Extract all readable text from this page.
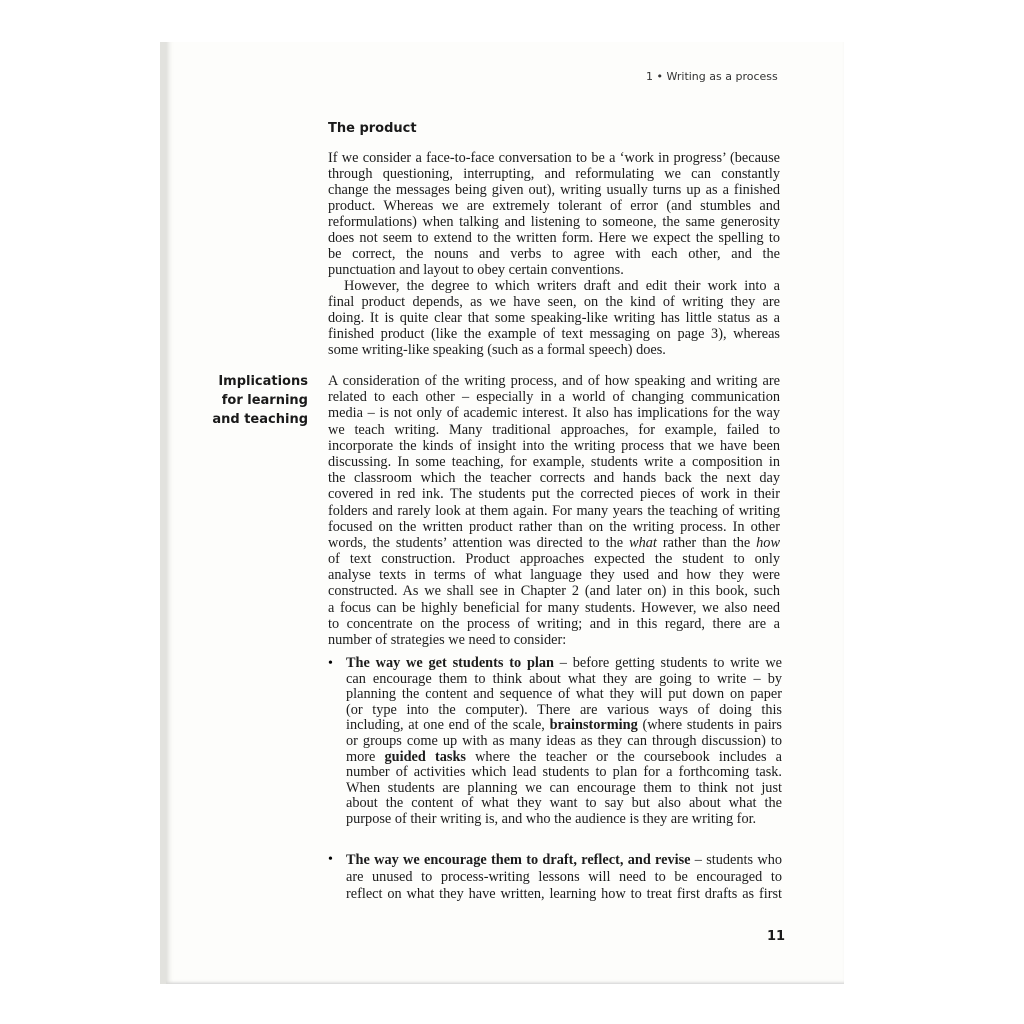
1 • Writing as a process
The product
If we consider a face-to-face conversation to be a ‘work in progress’ (because
through questioning, interrupting, and reformulating we can constantly
change the messages being given out), writing usually turns up as a finished
product. Whereas we are extremely tolerant of error (and stumbles and
reformulations) when talking and listening to someone, the same generosity
does not seem to extend to the written form. Here we expect the spelling to
be correct, the nouns and verbs to agree with each other, and the
punctuation and layout to obey certain conventions.
However, the degree to which writers draft and edit their work into a
final product depends, as we have seen, on the kind of writing they are
doing. It is quite clear that some speaking-like writing has little status as a
finished product (like the example of text messaging on page 3), whereas
some writing-like speaking (such as a formal speech) does.
Implications
for learning
and teaching
A consideration of the writing process, and of how speaking and writing are
related to each other – especially in a world of changing communication
media – is not only of academic interest. It also has implications for the way
we teach writing. Many traditional approaches, for example, failed to
incorporate the kinds of insight into the writing process that we have been
discussing. In some teaching, for example, students write a composition in
the classroom which the teacher corrects and hands back the next day
covered in red ink. The students put the corrected pieces of work in their
folders and rarely look at them again. For many years the teaching of writing
focused on the written product rather than on the writing process. In other
words, the students’ attention was directed to the what rather than the how
of text construction. Product approaches expected the student to only
analyse texts in terms of what language they used and how they were
constructed. As we shall see in Chapter 2 (and later on) in this book, such
a focus can be highly beneficial for many students. However, we also need
to concentrate on the process of writing; and in this regard, there are a
number of strategies we need to consider:
• The way we get students to plan – before getting students to write we
can encourage them to think about what they are going to write – by
planning the content and sequence of what they will put down on paper
(or type into the computer). There are various ways of doing this
including, at one end of the scale, brainstorming (where students in pairs
or groups come up with as many ideas as they can through discussion) to
more guided tasks where the teacher or the coursebook includes a
number of activities which lead students to plan for a forthcoming task.
When students are planning we can encourage them to think not just
about the content of what they want to say but also about what the
purpose of their writing is, and who the audience is they are writing for.
• The way we encourage them to draft, reflect, and revise – students who
are unused to process-writing lessons will need to be encouraged to
reflect on what they have written, learning how to treat first drafts as first
11
